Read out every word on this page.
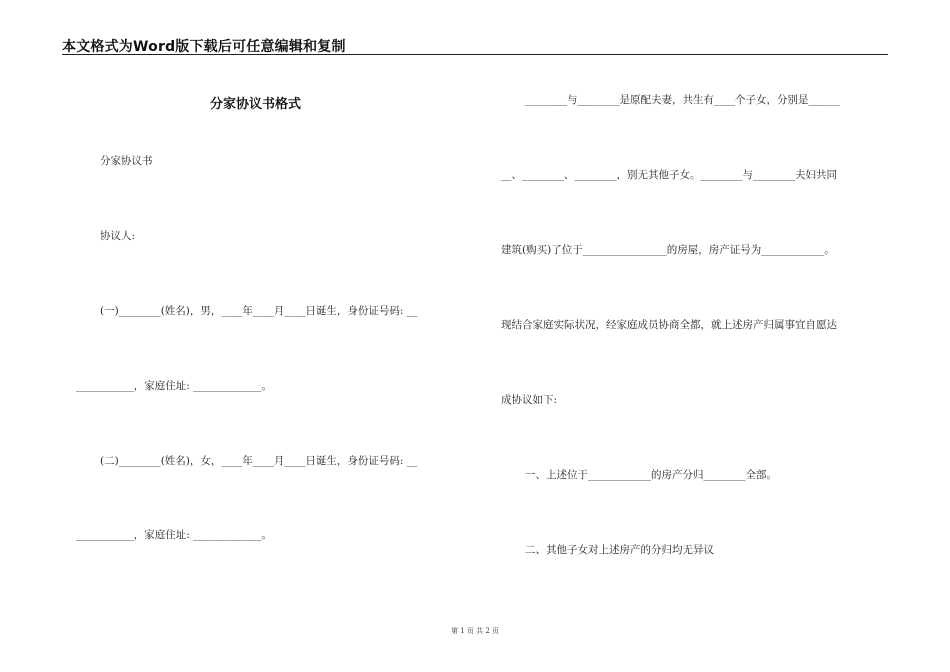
本文格式为Word版下载后可任意编辑和复制
分家协议书格式
分家协议书
协议人:
(一)________(姓名)，男，____年____月____日诞生，身份证号码: __
___________，家庭住址: _____________。
(二)________(姓名)，女，____年____月____日诞生，身份证号码: __
___________，家庭住址: _____________。
________与________是原配夫妻，共生有____个子女，分别是______
__、________、________，别无其他子女。________与________夫妇共同
建筑(购买)了位于________________的房屋，房产证号为____________。
现结合家庭实际状况，经家庭成员协商全都，就上述房产归属事宜自愿达
成协议如下:
一、上述位于____________的房产分归________全部。
二、其他子女对上述房产的分归均无异议
第 1 页 共 2 页
